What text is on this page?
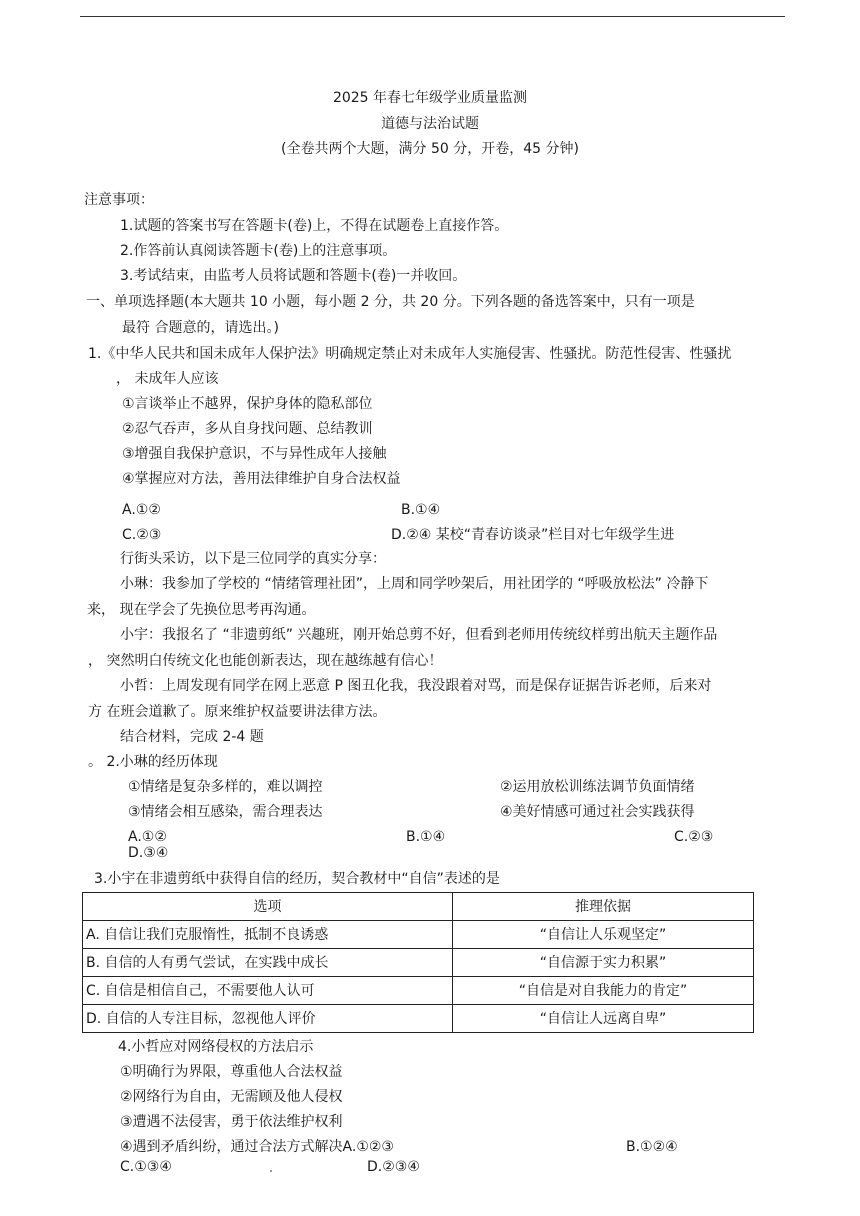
2025 年春七年级学业质量监测
道德与法治试题
(全卷共两个大题，满分 50 分，开卷，45 分钟)
注意事项：
1.试题的答案书写在答题卡(卷)上，不得在试题卷上直接作答。
2.作答前认真阅读答题卡(卷)上的注意事项。
3.考试结束，由监考人员将试题和答题卡(卷)一并收回。
一、单项选择题(本大题共 10 小题，每小题 2 分，共 20 分。下列各题的备选答案中，只有一项是
最符 合题意的，请选出。)
1.《中华人民共和国未成年人保护法》明确规定禁止对未成年人实施侵害、性骚扰。防范性侵害、性骚扰
， 未成年人应该
①言谈举止不越界，保护身体的隐私部位
②忍气吞声，多从自身找问题、总结教训
③增强自我保护意识，不与异性成年人接触
④掌握应对方法，善用法律维护自身合法权益
A.①②	B.①④
C.②③	D.②④ 某校“青春访谈录”栏目对七年级学生进
行街头采访，以下是三位同学的真实分享：
小琳：我参加了学校的 “情绪管理社团”，上周和同学吵架后，用社团学的 “呼吸放松法” 冷静下
来， 现在学会了先换位思考再沟通。
小宇：我报名了 “非遗剪纸” 兴趣班，刚开始总剪不好，但看到老师用传统纹样剪出航天主题作品
， 突然明白传统文化也能创新表达，现在越练越有信心！
小哲：上周发现有同学在网上恶意 P 图丑化我，我没跟着对骂，而是保存证据告诉老师，后来对
方 在班会道歉了。原来维护权益要讲法律方法。
结合材料，完成 2-4 题
。 2.小琳的经历体现
①情绪是复杂多样的，难以调控	②运用放松训练法调节负面情绪
③情绪会相互感染，需合理表达	④美好情感可通过社会实践获得
A.①②	B.①④	C.②③
D.③④
3.小宇在非遗剪纸中获得自信的经历，契合教材中“自信”表述的是
选项	推理依据
A. 自信让我们克服惰性，抵制不良诱惑	“自信让人乐观坚定”
B. 自信的人有勇气尝试，在实践中成长	“自信源于实力积累”
C. 自信是相信自己，不需要他人认可	“自信是对自我能力的肯定”
D. 自信的人专注目标，忽视他人评价	“自信让人远离自卑”
4.小哲应对网络侵权的方法启示
①明确行为界限，尊重他人合法权益
②网络行为自由，无需顾及他人侵权
③遭遇不法侵害，勇于依法维护权利
④遇到矛盾纠纷，通过合法方式解决A.①②③	B.①②④
C.①③④	D.②③④
